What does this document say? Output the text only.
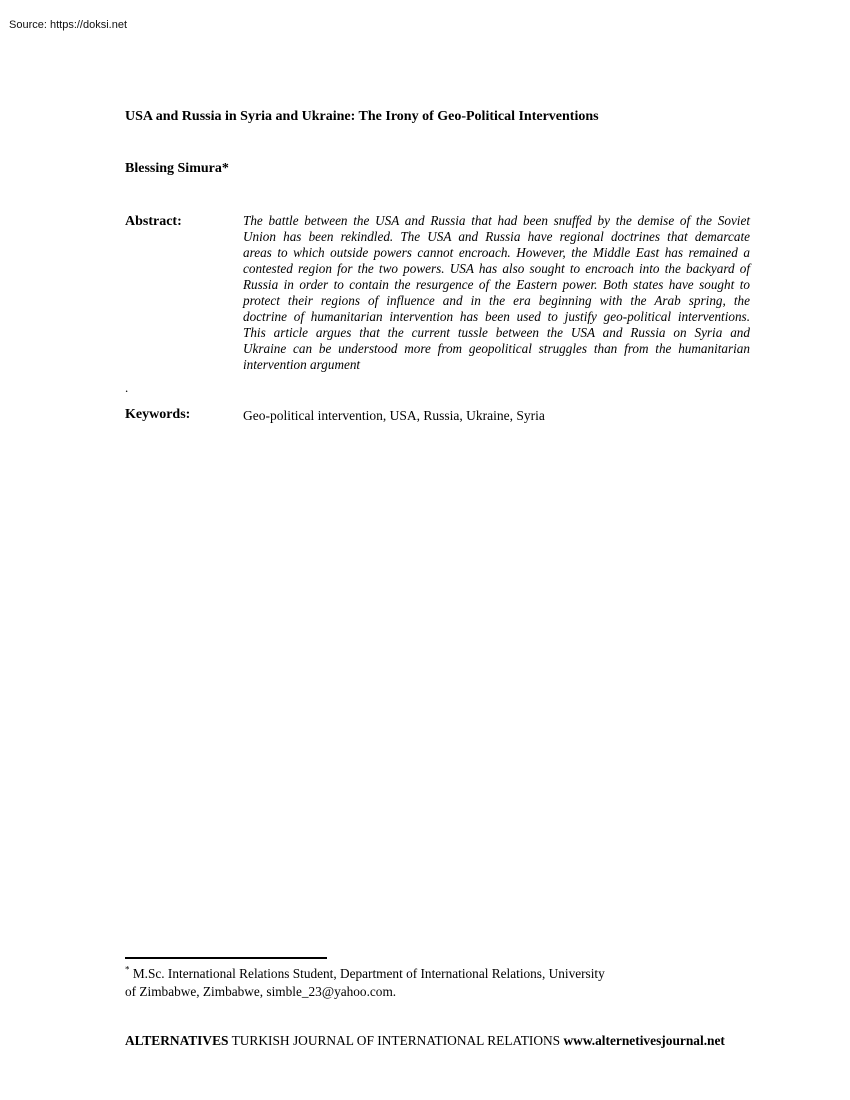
Source: https://doksi.net
USA and Russia in Syria and Ukraine: The Irony of Geo-Political Interventions
Blessing Simura*
Abstract:	The battle between the USA and Russia that had been snuffed by the demise of the Soviet
Union has been rekindled. The USA and Russia have regional doctrines that demarcate
areas to which outside powers cannot encroach. However, the Middle East has remained a
contested region for the two powers. USA has also sought to encroach into the backyard of
Russia in order to contain the resurgence of the Eastern power. Both states have sought to
protect their regions of influence and in the era beginning with the Arab spring, the
doctrine of humanitarian intervention has been used to justify geo-political interventions.
This article argues that the current tussle between the USA and Russia on Syria and
Ukraine can be understood more from geopolitical struggles than from the humanitarian
intervention argument
.
Keywords:	Geo-political intervention, USA, Russia, Ukraine, Syria
* M.Sc. International Relations Student, Department of International Relations, University
of Zimbabwe, Zimbabwe, simble_23@yahoo.com.
ALTERNATIVES TURKISH JOURNAL OF INTERNATIONAL RELATIONS www.alternetivesjournal.net
